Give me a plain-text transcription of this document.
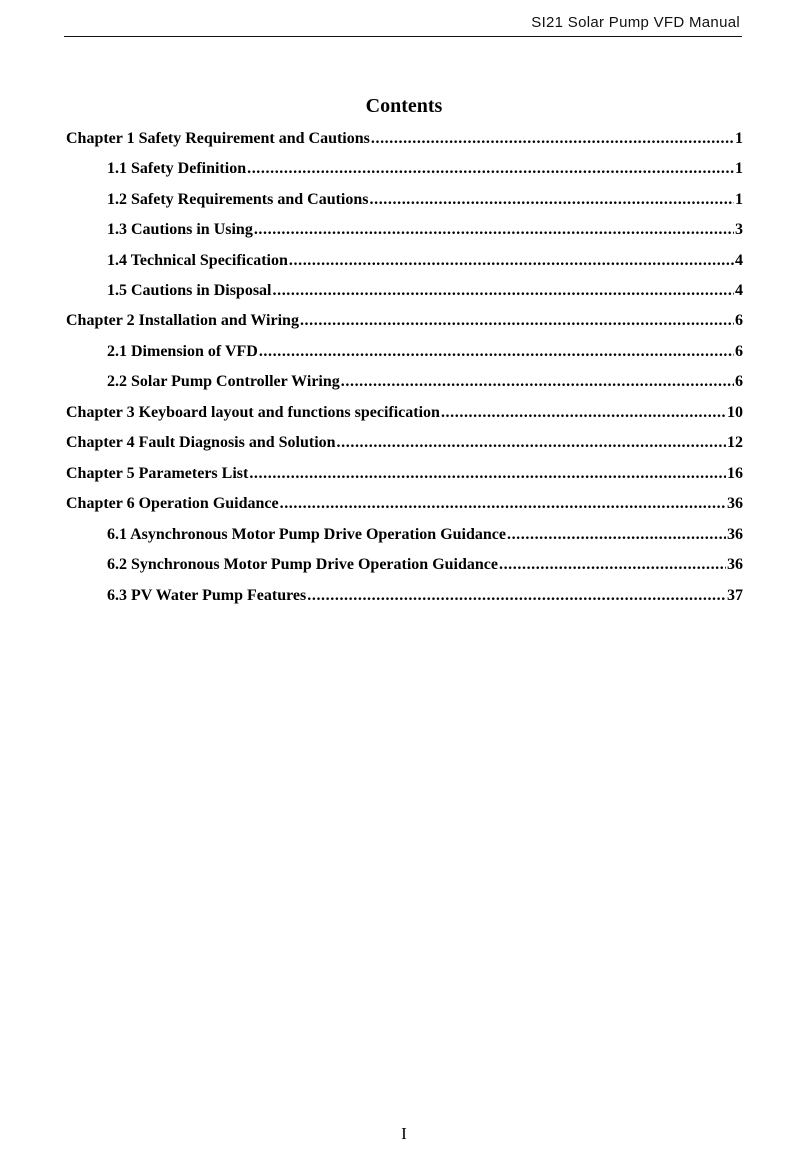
SI21 Solar Pump VFD Manual
Contents
Chapter 1 Safety Requirement and Cautions .....	1
1.1 Safety Definition .....	1
1.2 Safety Requirements and Cautions .....	1
1.3 Cautions in Using .....	3
1.4 Technical Specification .....	4
1.5 Cautions in Disposal .....	4
Chapter 2 Installation and Wiring .....	6
2.1 Dimension of VFD .....	6
2.2 Solar Pump Controller Wiring .....	6
Chapter 3 Keyboard layout and functions specification .....	10
Chapter 4 Fault Diagnosis and Solution .....	12
Chapter 5 Parameters List .....	16
Chapter 6 Operation Guidance .....	36
6.1 Asynchronous Motor Pump Drive Operation Guidance .....	36
6.2 Synchronous Motor Pump Drive Operation Guidance .....	36
6.3 PV Water Pump Features .....	37
I
